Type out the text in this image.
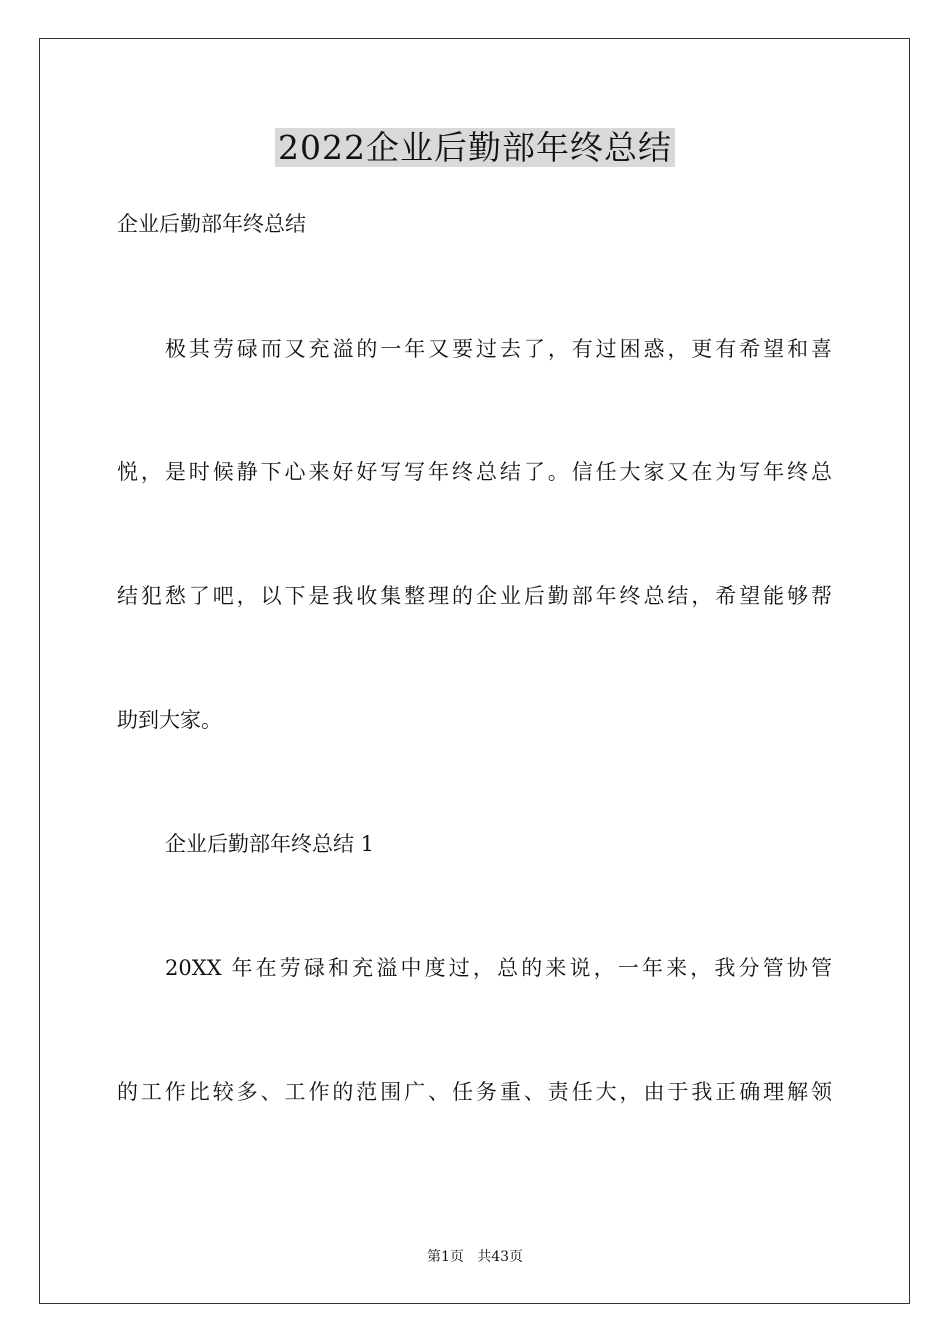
2022企业后勤部年终总结

企业后勤部年终总结

极其劳碌而又充溢的一年又要过去了，有过困惑，更有希望和喜

悦，是时候静下心来好好写写年终总结了。信任大家又在为写年终总

结犯愁了吧，以下是我收集整理的企业后勤部年终总结，希望能够帮

助到大家。

企业后勤部年终总结 1

20XX 年在劳碌和充溢中度过，总的来说，一年来，我分管协管

的工作比较多、工作的范围广、任务重、责任大，由于我正确理解领

第1页   共43页
